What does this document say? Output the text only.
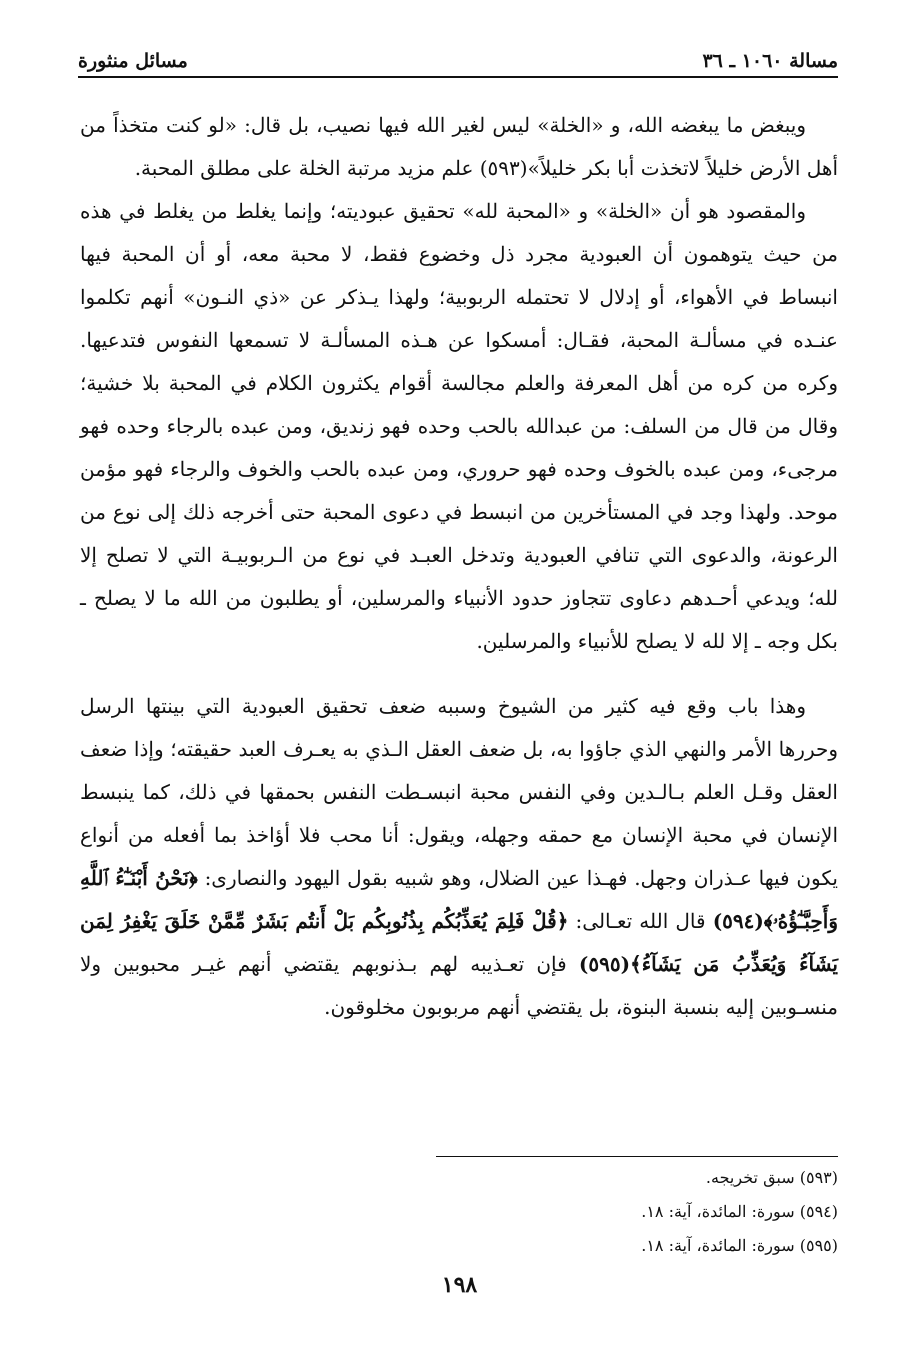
مسالة ١٠٦٠ ـ ٣٦
مسائل منثورة

ويبغض ما يبغضه الله، و «الخلة» ليس لغير الله فيها نصيب، بل قال: «لو كنت متخذاً من أهل الأرض خليلاً لاتخذت أبا بكر خليلاً»(٥٩٣) علم مزيد مرتبة الخلة على مطلق المحبة.

والمقصود هو أن «الخلة» و «المحبة لله» تحقيق عبوديته؛ وإنما يغلط من يغلط في هذه من حيث يتوهمون أن العبودية مجرد ذل وخضوع فقط، لا محبة معه، أو أن المحبة فيها انبساط في الأهواء، أو إدلال لا تحتمله الربوبية؛ ولهذا يـذكر عن «ذي النـون» أنهم تكلموا عنـده في مسألـة المحبة، فقـال: أمسكوا عن هـذه المسألـة لا تسمعها النفوس فتدعيها. وكره من كره من أهل المعرفة والعلم مجالسة أقوام يكثرون الكلام في المحبة بلا خشية؛ وقال من قال من السلف: من عبدالله بالحب وحده فهو زنديق، ومن عبده بالرجاء وحده فهو مرجىء، ومن عبده بالخوف وحده فهو حروري، ومن عبده بالحب والخوف والرجاء فهو مؤمن موحد. ولهذا وجد في المستأخرين من انبسط في دعوى المحبة حتى أخرجه ذلك إلى نوع من الرعونة، والدعوى التي تنافي العبودية وتدخل العبـد في نوع من الـربوبيـة التي لا تصلح إلا لله؛ ويدعي أحـدهم دعاوى تتجاوز حدود الأنبياء والمرسلين، أو يطلبون من الله ما لا يصلح ـ بكل وجه ـ إلا لله لا يصلح للأنبياء والمرسلين.

وهذا باب وقع فيه كثير من الشيوخ وسببه ضعف تحقيق العبودية التي بينتها الرسل وحررها الأمر والنهي الذي جاؤوا به، بل ضعف العقل الـذي به يعـرف العبد حقيقته؛ وإذا ضعف العقل وقـل العلم بـالـدين وفي النفس محبة انبسـطت النفس بحمقها في ذلك، كما ينبسط الإنسان في محبة الإنسان مع حمقه وجهله، ويقول: أنا محب فلا أؤاخذ بما أفعله من أنواع يكون فيها عـذران وجهل. فهـذا عين الضلال، وهو شبيه بقول اليهود والنصارى: ﴿نَحْنُ أَبْنَـٰٓءُ ٱللَّهِ وَأَحِبَّـٰٓؤُهُۥ﴾(٥٩٤) قال الله تعـالى: ﴿قُلْ فَلِمَ يُعَذِّبُكُم بِذُنُوبِكُم بَلْ أَنتُم بَشَرٌ مِّمَّنْ خَلَقَ يَغْفِرُ لِمَن يَشَآءُ وَيُعَذِّبُ مَن يَشَآءُ﴾(٥٩٥) فإن تعـذيبه لهم بـذنوبهم يقتضي أنهم غيـر محبوبين ولا منسـوبين إليه بنسبة البنوة، بل يقتضي أنهم مربوبون مخلوقون.

(٥٩٣) سبق تخريجه.

(٥٩٤) سورة: المائدة، آية: ١٨.

(٥٩٥) سورة: المائدة، آية: ١٨.

١٩٨
